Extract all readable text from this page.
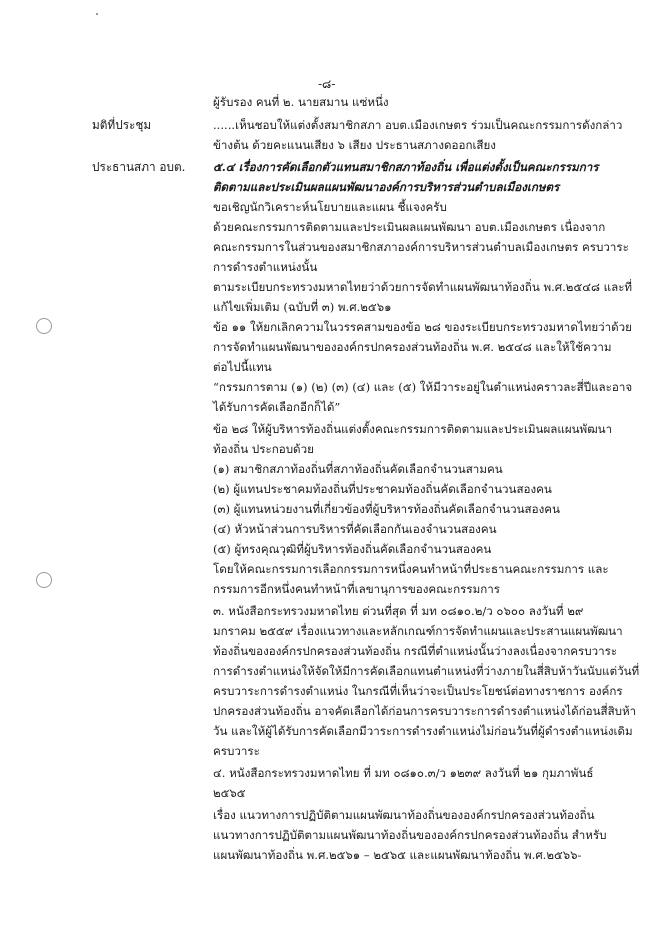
-๘-
มติที่ประชุม
ประธานสภา อบต.
ผู้รับรอง คนที่ ๒. นายสมาน แซ่หนึ่ง
......เห็นชอบให้แต่งตั้งสมาชิกสภา อบต.เมืองเกษตร ร่วมเป็นคณะกรรมการดังกล่าว
ข้างต้น ด้วยคะแนนเสียง ๖ เสียง ประธานสภางดออกเสียง
๕.๔ เรื่องการคัดเลือกตัวแทนสมาชิกสภาท้องถิ่น เพื่อแต่งตั้งเป็นคณะกรรมการ
ติดตามและประเมินผลแผนพัฒนาองค์การบริหารส่วนตำบลเมืองเกษตร
ขอเชิญนักวิเคราะห์นโยบายและแผน ชี้แจงครับ
ด้วยคณะกรรมการติดตามและประเมินผลแผนพัฒนา อบต.เมืองเกษตร เนื่องจาก
คณะกรรมการในส่วนของสมาชิกสภาองค์การบริหารส่วนตำบลเมืองเกษตร ครบวาระ
การดำรงตำแหน่งนั้น
ตามระเบียบกระทรวงมหาดไทยว่าด้วยการจัดทำแผนพัฒนาท้องถิ่น พ.ศ.๒๕๔๘ และที่
แก้ไขเพิ่มเติม (ฉบับที่ ๓) พ.ศ.๒๕๖๑
ข้อ ๑๑ ให้ยกเลิกความในวรรคสามของข้อ ๒๘ ของระเบียบกระทรวงมหาดไทยว่าด้วย
การจัดทำแผนพัฒนาขององค์กรปกครองส่วนท้องถิ่น พ.ศ. ๒๕๔๘ และให้ใช้ความ
ต่อไปนี้แทน
“กรรมการตาม (๑) (๒) (๓) (๔) และ (๕) ให้มีวาระอยู่ในตำแหน่งคราวละสี่ปีและอาจ
ได้รับการคัดเลือกอีกก็ได้”
ข้อ ๒๘ ให้ผู้บริหารท้องถิ่นแต่งตั้งคณะกรรมการติดตามและประเมินผลแผนพัฒนา
ท้องถิ่น ประกอบด้วย
(๑) สมาชิกสภาท้องถิ่นที่สภาท้องถิ่นคัดเลือกจำนวนสามคน
(๒) ผู้แทนประชาคมท้องถิ่นที่ประชาคมท้องถิ่นคัดเลือกจำนวนสองคน
(๓) ผู้แทนหน่วยงานที่เกี่ยวข้องที่ผู้บริหารท้องถิ่นคัดเลือกจำนวนสองคน
(๔) หัวหน้าส่วนการบริหารที่คัดเลือกกันเองจำนวนสองคน
(๕) ผู้ทรงคุณวุฒิที่ผู้บริหารท้องถิ่นคัดเลือกจำนวนสองคน
โดยให้คณะกรรมการเลือกกรรมการหนึ่งคนทำหน้าที่ประธานคณะกรรมการ และ
กรรมการอีกหนึ่งคนทำหน้าที่เลขานุการของคณะกรรมการ
๓. หนังสือกระทรวงมหาดไทย ด่วนที่สุด ที่ มท ๐๘๑๐.๒/ว ๐๖๐๐ ลงวันที่ ๒๙
มกราคม ๒๕๕๙ เรื่องแนวทางและหลักเกณฑ์การจัดทำแผนและประสานแผนพัฒนา
ท้องถิ่นขององค์กรปกครองส่วนท้องถิ่น กรณีที่ตำแหน่งนั้นว่างลงเนื่องจากครบวาระ
การดำรงตำแหน่งให้จัดให้มีการคัดเลือกแทนตำแหน่งที่ว่างภายในสี่สิบห้าวันนับแต่วันที่
ครบวาระการดำรงตำแหน่ง ในกรณีที่เห็นว่าจะเป็นประโยชน์ต่อทางราชการ องค์กร
ปกครองส่วนท้องถิ่น อาจคัดเลือกได้ก่อนการครบวาระการดำรงตำแหน่งได้ก่อนสี่สิบห้า
วัน และให้ผู้ได้รับการคัดเลือกมีวาระการดำรงตำแหน่งไม่ก่อนวันที่ผู้ดำรงตำแหน่งเดิม
ครบวาระ
๔. หนังสือกระทรวงมหาดไทย ที่ มท ๐๘๑๐.๓/ว ๑๒๓๙ ลงวันที่ ๒๑ กุมภาพันธ์
๒๕๖๕
เรื่อง แนวทางการปฏิบัติตามแผนพัฒนาท้องถิ่นขององค์กรปกครองส่วนท้องถิ่น
แนวทางการปฏิบัติตามแผนพัฒนาท้องถิ่นขององค์กรปกครองส่วนท้องถิ่น สำหรับ
แผนพัฒนาท้องถิ่น พ.ศ.๒๕๖๑ – ๒๕๖๕ และแผนพัฒนาท้องถิ่น พ.ศ.๒๕๖๖-
